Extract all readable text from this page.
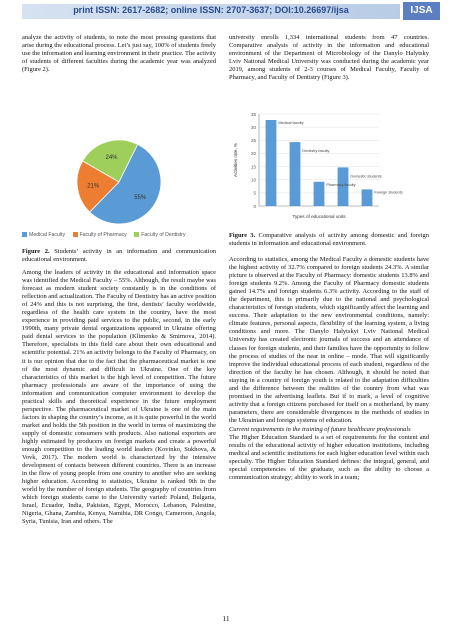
print ISSN: 2617-2682; online ISSN: 2707-3637; DOI:10.26697/ijsa	IJSA

analyze the activity of students, to note the most pressing questions that arise during the educational process. Let’s just say, 100% of students freely use the information and learning environment in their practice. The activity of students of different faculties during the academic year was analyzed (Figure 2).

24%
55%
21%
Medical Faculty	Faculty of Pharmacy	Faculty of Dentistry

Figure 2. Students’ activity in an information and communication educational environment.

Among the leaders of activity in the educational and information space was identified the Medical Faculty – 55%. Although, the result maybe was forecast as modern student society constantly is in the conditions of reflection and actualization. The Faculty of Dentistry has an active position of 24% and this is not surprising, the first, dentists’ faculty worldwide, regardless of the health care system in the country, have the most experience in providing paid services to the public, second, in the early 1990th, many private dental organizations appeared in Ukraine offering paid dental services to the population (Klimenko & Smirnova, 2014). Therefore, specialists in this field care about their own educational and scientific potential. 21% an activity belongs to the Faculty of Pharmacy, on it is our opinion that due to the fact that the pharmaceutical market is one of the most dynamic and difficult in Ukraine. One of the key characteristics of this market is the high level of competition. The future pharmacy professionals are aware of the importance of using the information and communication computer environment to develop the practical skills and theoretical experience in the future employment perspective. The pharmaceutical market of Ukraine is one of the main factors in shaping the country’s income, as it is quite powerful in the world market and holds the 5th position in the world in terms of maximizing the supply of domestic consumers with products. Also national exporters are highly estimated by producers on foreign markets and create a powerful enough competition to the leading world leaders (Kovinko, Sukhova, & Vovk, 2017). The modern world is characterized by the intensive development of contacts between different countries. There is an increase in the flow of young people from one country to another who are seeking higher education. According to statistics, Ukraine is ranked 9th in the world by the number of foreign students. The geography of countries from which foreign students came to the University varied: Poland, Bulgaria, Israel, Ecuador, India, Pakistan, Egypt, Morocco, Lebanon, Palestine, Nigeria, Ghana, Zambia, Kenya, Namibia, DR Congo, Cameroon, Angola, Syria, Tunisia, Iran and others. The

university enrolls 1,334 international students from 47 countries. Comparative analysis of activity in the information and educational environment of the Department of Microbiology of the Danylo Halytsky Lviv National Medical University was conducted during the academic year 2019, among students of 2-3 courses of Medical Faculty, Faculty of Pharmacy, and Faculty of Dentistry (Figure 3).

0
5
10
15
20
25
30
35
Activities rate, %
Medical faculty
Dentistry faculty
Pharmacy faculty
Domestic students
Foreign students
Types of educational units

Figure 3. Comparative analysis of activity among domestic and foreign students in information and educational environment.

According to statistics, among the Medical Faculty a domestic students have the highest activity of 32.7% compared to foreign students 24.3%. A similar picture is observed at the Faculty of Pharmacy: domestic students 13.8% and foreign students 9.2%. Among the Faculty of Pharmacy domestic students gained 14.7% and foreign students 6.3% activity. According to the staff of the department, this is primarily due to the national and psychological characteristics of foreign students, which significantly affect the learning and success. Their adaptation to the new environmental conditions, namely: climate features, personal aspects, flexibility of the learning system, a living conditions and more. The Danylo Halytskyi Lviv National Medical University has created electronic journals of success and an attendance of classes for foreign students, and their families have the opportunity to follow the process of studies of the near in online – mode. That will significantly improve the individual educational process of each student, regardless of the direction of the faculty he has chosen. Although, it should be noted that staying in a country of foreign youth is related to the adaptation difficulties and the difference between the realities of the country from what was promised in the advertising leaflets. But if to mark, a level of cognitive activity that a foreign citizens purchased for itself on a motherland, by many parameters, there are considerable divergences in the methods of studies in the Ukrainian and foreign systems of education.

Current requirements in the training of future healthcare professionals

The Higher Education Standard is a set of requirements for the content and results of the educational activity of higher education institutions, including medical and scientific institutions for each higher education level within each specialty. The Higher Education Standard defines: the integral, general, and special competencies of the graduate, such as the ability to choose a communication strategy; ability to work in a team;

11
